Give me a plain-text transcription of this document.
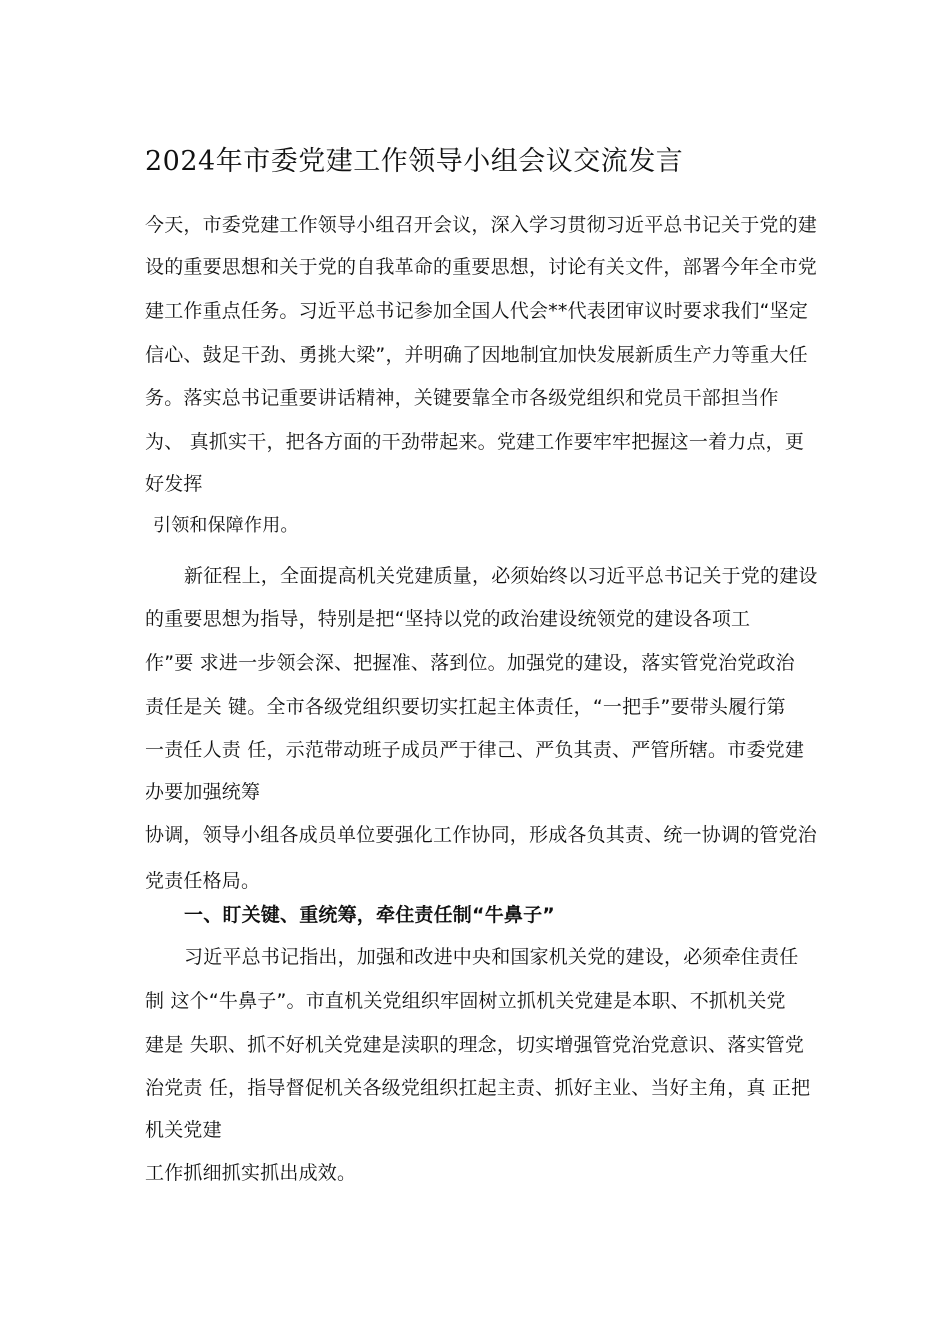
2024年市委党建工作领导小组会议交流发言

今天，市委党建工作领导小组召开会议，深入学习贯彻习近平总书记关于党的建

设的重要思想和关于党的自我革命的重要思想，讨论有关文件，部署今年全市党

建工作重点任务。习近平总书记参加全国人代会**代表团审议时要求我们“坚定

信心、鼓足干劲、勇挑大梁”，并明确了因地制宜加快发展新质生产力等重大任

务。落实总书记重要讲话精神，关键要靠全市各级党组织和党员干部担当作

为、 真抓实干，把各方面的干劲带起来。党建工作要牢牢把握这一着力点，更

好发挥

引领和保障作用。

新征程上，全面提高机关党建质量，必须始终以习近平总书记关于党的建设

的重要思想为指导，特别是把“坚持以党的政治建设统领党的建设各项工

作”要 求进一步领会深、把握准、落到位。加强党的建设，落实管党治党政治

责任是关 键。全市各级党组织要切实扛起主体责任，“一把手”要带头履行第

一责任人责 任，示范带动班子成员严于律己、严负其责、严管所辖。市委党建

办要加强统筹

协调，领导小组各成员单位要强化工作协同，形成各负其责、统一协调的管党治

党责任格局。

一、盯关键、重统筹，牵住责任制“牛鼻子”

习近平总书记指出，加强和改进中央和国家机关党的建设，必须牵住责任

制 这个“牛鼻子”。市直机关党组织牢固树立抓机关党建是本职、不抓机关党

建是 失职、抓不好机关党建是渎职的理念，切实增强管党治党意识、落实管党

治党责 任，指导督促机关各级党组织扛起主责、抓好主业、当好主角，真 正把

机关党建

工作抓细抓实抓出成效。
